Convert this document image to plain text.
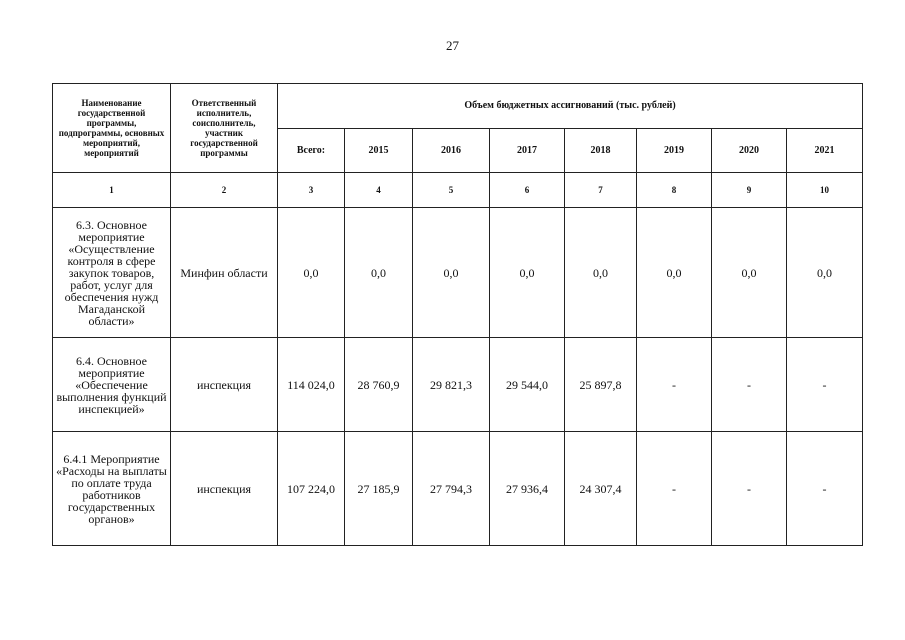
27
Наименование государственной программы, подпрограммы, основных мероприятий, мероприятий	Ответственный исполнитель, соисполнитель, участник государственной программы	Объем бюджетных ассигнований (тыс. рублей)							
		Всего:	2015	2016	2017	2018	2019	2020	2021
1	2	3	4	5	6	7	8	9	10
6.3. Основное мероприятие «Осуществление контроля в сфере закупок товаров, работ, услуг для обеспечения нужд Магаданской области»	Минфин области	0,0	0,0	0,0	0,0	0,0	0,0	0,0	0,0
6.4. Основное мероприятие «Обеспечение выполнения функций инспекцией»	инспекция	114 024,0	28 760,9	29 821,3	29 544,0	25 897,8	-	-	-
6.4.1 Мероприятие «Расходы на выплаты по оплате труда работников государственных органов»	инспекция	107 224,0	27 185,9	27 794,3	27 936,4	24 307,4	-	-	-
